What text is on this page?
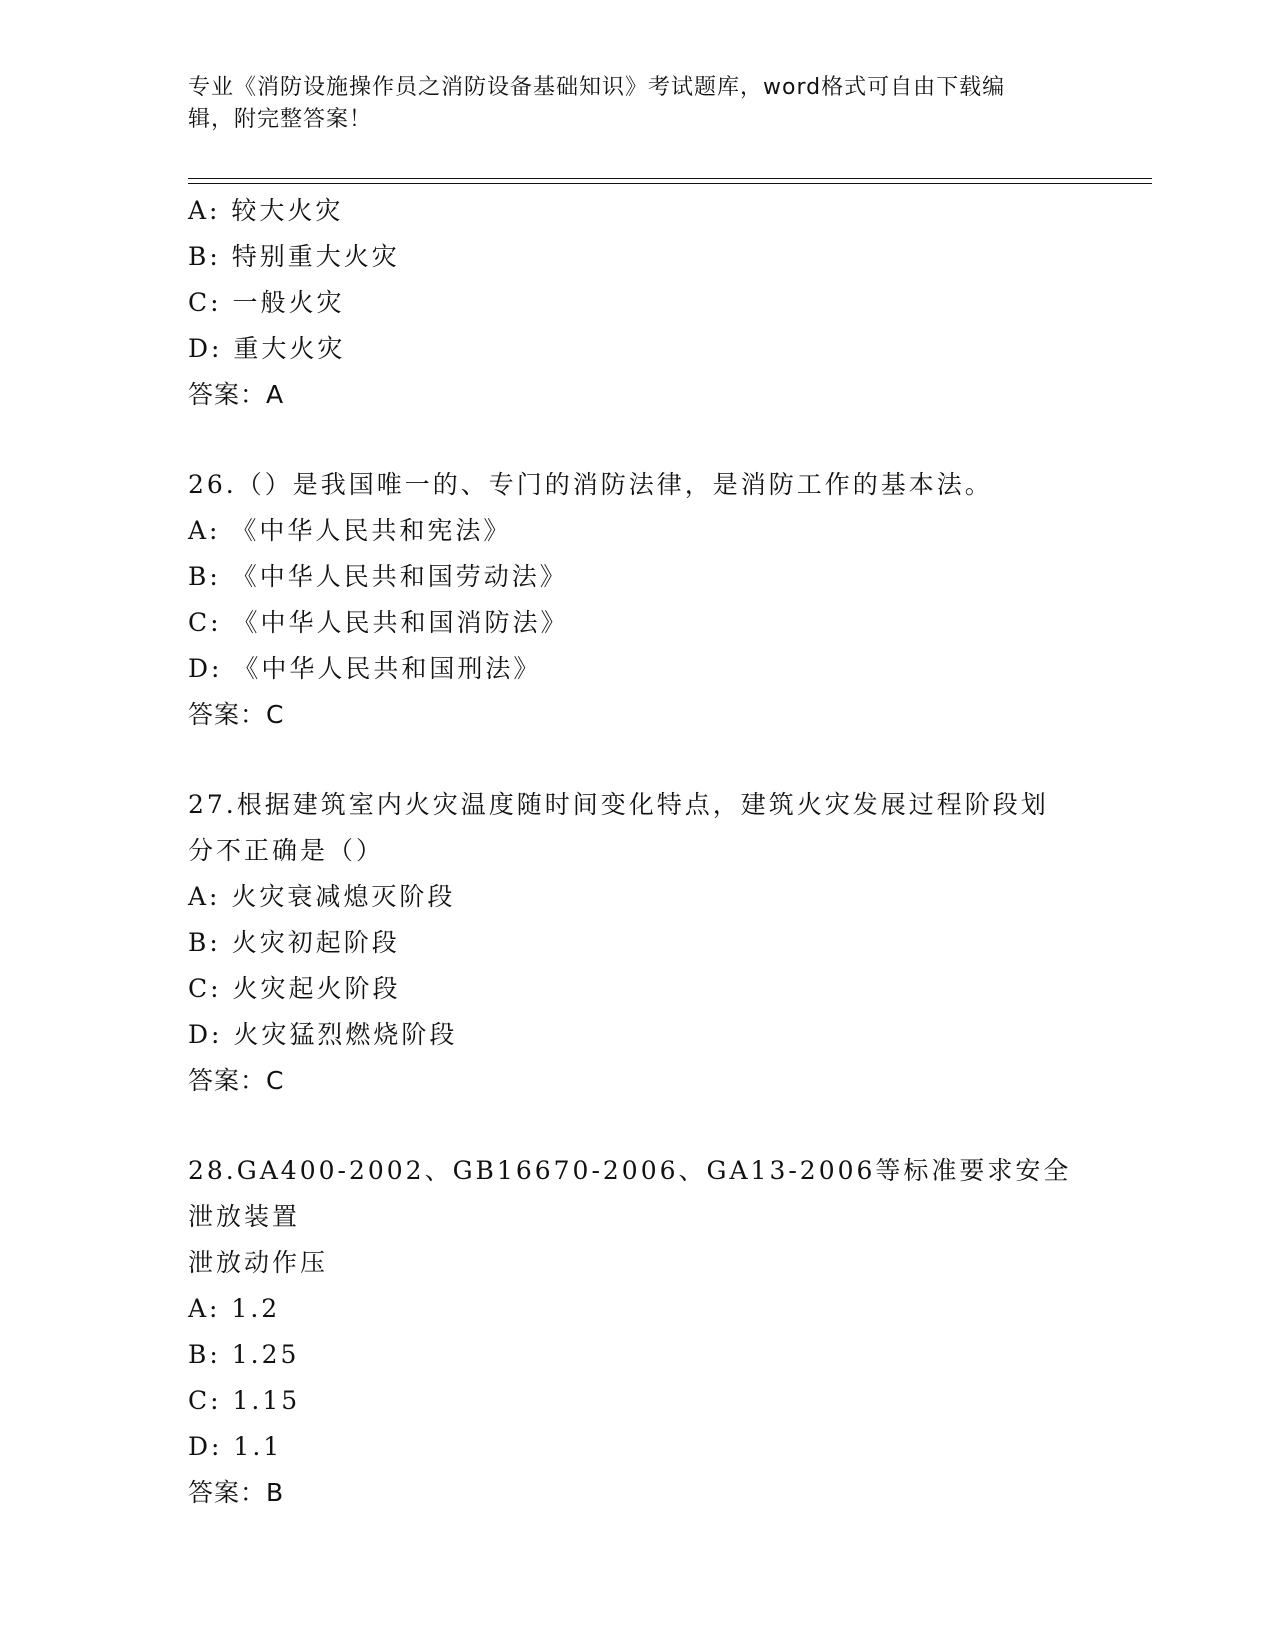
专业《消防设施操作员之消防设备基础知识》考试题库，word格式可自由下载编
辑，附完整答案！
A: 较大火灾
B: 特别重大火灾
C: 一般火灾
D: 重大火灾
答案：A
26.（）是我国唯一的、专门的消防法律，是消防工作的基本法。
A: 《中华人民共和宪法》
B: 《中华人民共和国劳动法》
C: 《中华人民共和国消防法》
D: 《中华人民共和国刑法》
答案：C
27.根据建筑室内火灾温度随时间变化特点，建筑火灾发展过程阶段划
分不正确是（）
A: 火灾衰减熄灭阶段
B: 火灾初起阶段
C: 火灾起火阶段
D: 火灾猛烈燃烧阶段
答案：C
28.GA400-2002、GB16670-2006、GA13-2006等标准要求安全泄放装置
泄放动作压
A: 1.2
B: 1.25
C: 1.15
D: 1.1
答案：B
